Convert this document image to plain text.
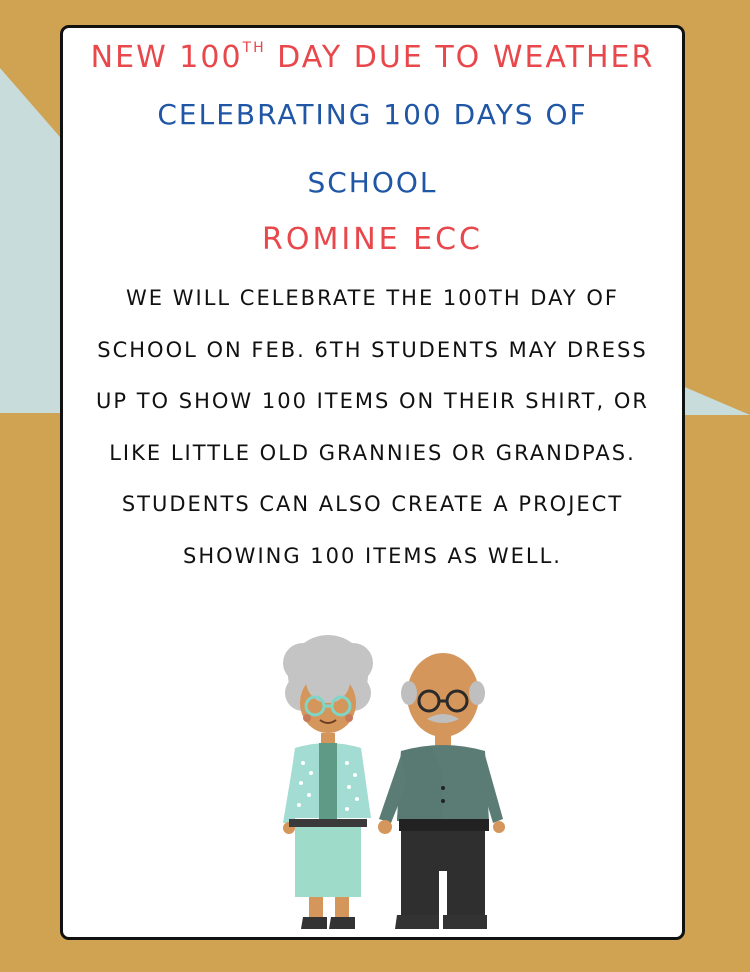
NEW 100TH DAY DUE TO WEATHER
CELEBRATING 100 DAYS OF
SCHOOL
ROMINE ECC
WE WILL CELEBRATE THE 100TH DAY OF SCHOOL ON FEB. 6TH STUDENTS MAY DRESS UP TO SHOW 100 ITEMS ON THEIR SHIRT, OR LIKE LITTLE OLD GRANNIES OR GRANDPAS. STUDENTS CAN ALSO CREATE A PROJECT SHOWING 100 ITEMS AS WELL.
